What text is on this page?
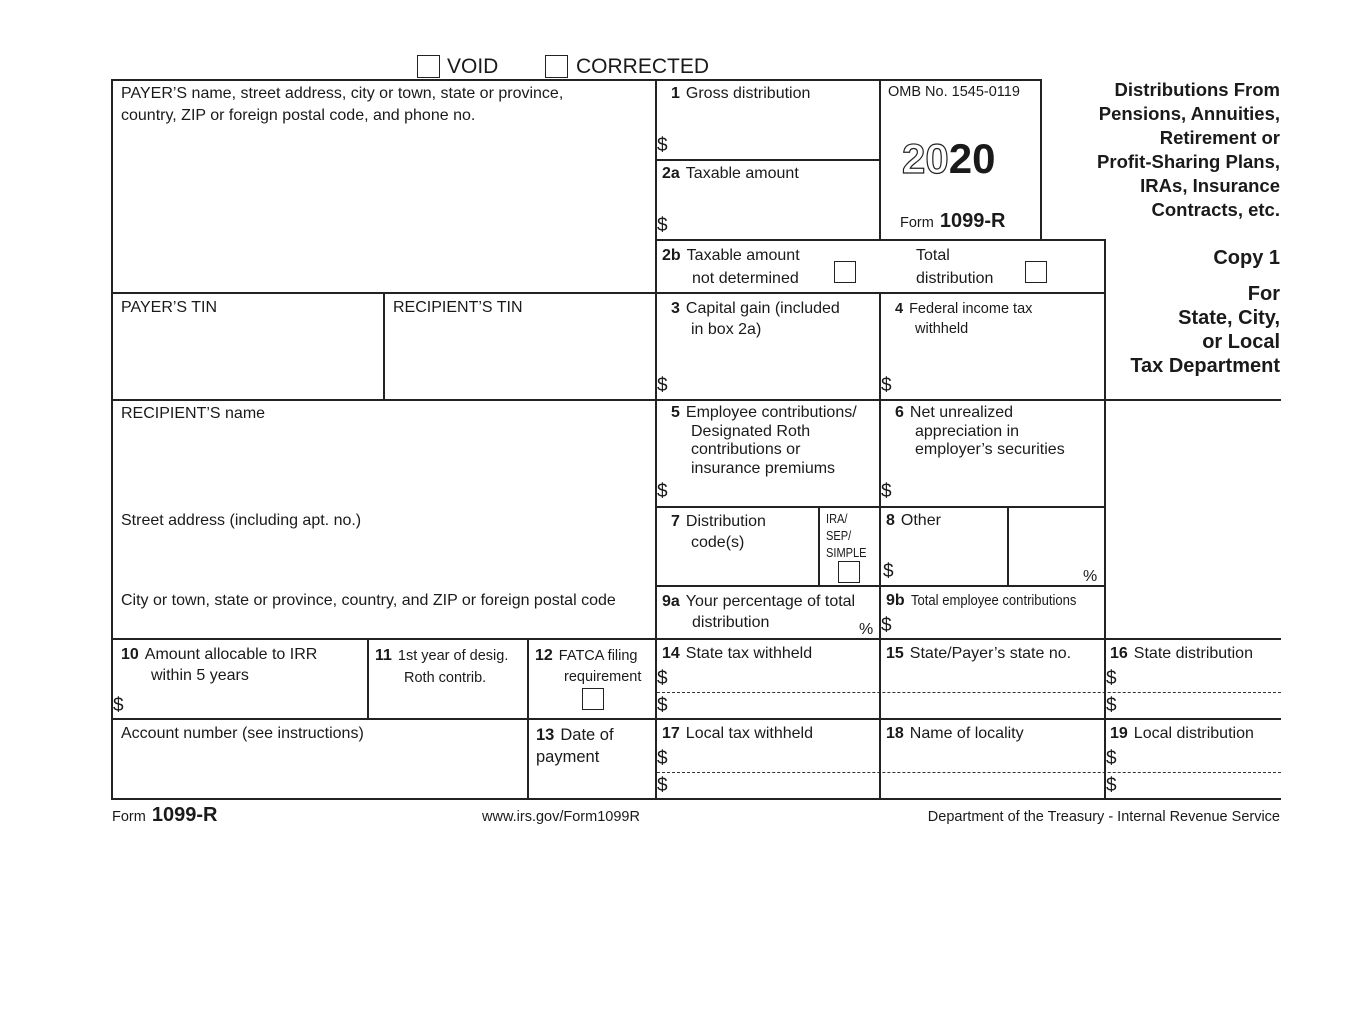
VOID	CORRECTED
PAYER’S name, street address, city or town, state or province,
country, ZIP or foreign postal code, and phone no.
PAYER’S TIN	RECIPIENT’S TIN
RECIPIENT’S name
Street address (including apt. no.)
City or town, state or province, country, and ZIP or foreign postal code
1 Gross distribution
$
2a Taxable amount
$
OMB No. 1545-0119
2020
Form 1099-R
Distributions From
Pensions, Annuities,
Retirement or
Profit-Sharing Plans,
IRAs, Insurance
Contracts, etc.
2b Taxable amount
not determined
Total
distribution
Copy 1
For
State, City,
or Local
Tax Department
3 Capital gain (included
in box 2a)
$
4 Federal income tax
withheld
$
5 Employee contributions/
Designated Roth
contributions or
insurance premiums
$
6 Net unrealized
appreciation in
employer’s securities
$
7 Distribution
code(s)
IRA/
SEP/
SIMPLE
8 Other
$	%
9a Your percentage of total
distribution	%
9b Total employee contributions
$
10 Amount allocable to IRR
within 5 years
$
11 1st year of desig.
Roth contrib.
12 FATCA filing
requirement
14 State tax withheld
$
$
15 State/Payer’s state no. 16 State distribution
$
$
Account number (see instructions)	13 Date of
payment
17 Local tax withheld
$
$
18 Name of locality	19 Local distribution
$
$
Form 1099-R	www.irs.gov/Form1099R	Department of the Treasury - Internal Revenue Service
